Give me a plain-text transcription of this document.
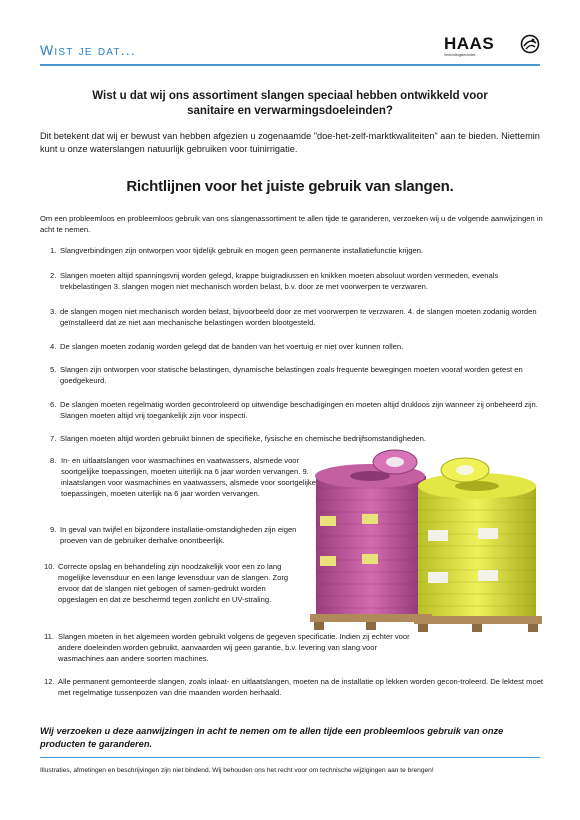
Wist je dat...	HAAS
Verbindingstechniek
Wist u dat wij ons assortiment slangen speciaal hebben ontwikkeld voor sanitaire en verwarmingsdoeleinden?
Dit betekent dat wij er bewust van hebben afgezien u zogenaamde "doe-het-zelf-marktkwaliteiten" aan te bieden. Niettemin kunt u onze waterslangen natuurlijk gebruiken voor tuinirrigatie.
Richtlijnen voor het juiste gebruik van slangen.
Om een probleemloos en probleemloos gebruik van ons slangenassortiment te allen tijde te garanderen, verzoeken wij u de volgende aanwijzingen in acht te nemen.
1. Slangverbindingen zijn ontworpen voor tijdelijk gebruik en mogen geen permanente installatiefunctie krijgen.
2. Slangen moeten altijd spanningsvrij worden gelegd, krappe buigradiussen en knikken moeten absoluut worden vermeden, evenals trekbelastingen 3. slangen mogen niet mechanisch worden belast, b.v. door ze met voorwerpen te verzwaren.
3. de slangen mogen niet mechanisch worden belast, bijvoorbeeld door ze met voorwerpen te verzwaren. 4. de slangen moeten zodanig worden geïnstalleerd dat ze niet aan mechanische belastingen worden blootgesteld.
4. De slangen moeten zodanig worden gelegd dat de banden van het voertuig er niet over kunnen rollen.
5. Slangen zijn ontworpen voor statische belastingen, dynamische belastingen zoals frequente bewegingen moeten vooraf worden getest en goedgekeurd.
6. De slangen moeten regelmatig worden gecontroleerd op uitwendige beschadigingen en moeten altijd drukloos zijn wanneer zij onbeheerd zijn. Slangen moeten altijd vrij toegankelijk zijn voor inspecti.
7. Slangen moeten altijd worden gebruikt binnen de specifieke, fysische en chemische bedrijfsomstandigheden.
8. In- en uitlaatslangen voor wasmachines en vaatwassers, alsmede voor soortgelijke toepassingen, moeten uiterlijk na 6 jaar worden vervangen. 9. inlaatslangen voor wasmachines en vaatwassers, alsmede voor soortgelijke toepassingen, moeten uiterlijk na 6 jaar worden vervangen.
9. In geval van twijfel en bijzondere installatie-omstandigheden zijn eigen proeven van de gebruiker derhalve onontbeerlijk.
10. Correcte opslag en behandeling zijn noodzakelijk voor een zo lang mogelijke levensduur en een lange levensduur van de slangen. Zorg ervoor dat de slangen niet gebogen of samen-gedrukt worden opgeslagen en dat ze beschermd tegen zonlicht en UV-straling.
11. Slangen moeten in het algemeen worden gebruikt volgens de gegeven specificatie. Indien zij echter voor andere doeleinden worden gebruikt, aanvaarden wij geen garantie, b.v. levering van slang voor wasmachines aan andere soorten machines.
12. Alle permanent gemonteerde slangen, zoals inlaat- en uitlaatslangen, moeten na de installatie op lekken worden gecon-troleerd. De lektest moet met regelmatige tussenpozen van drie maanden worden herhaald.
Wij verzoeken u deze aanwijzingen in acht te nemen om te allen tijde een probleemloos gebruik van onze producten te garanderen.
Illustraties, afmetingen en beschrijvingen zijn niet bindend. Wij behouden ons het recht voor om technische wijzigingen aan te brengen!
